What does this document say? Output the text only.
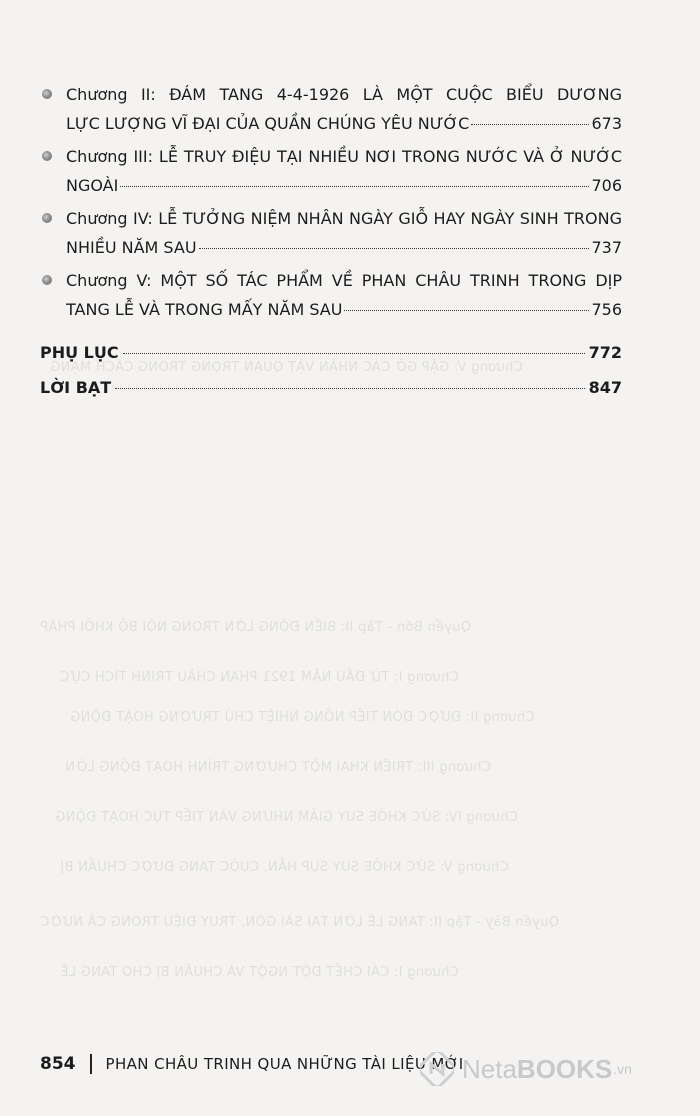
Chương V: GẶP GỠ CÁC NHÂN VẬT QUAN TRỌNG TRONG CÁCH MẠNG
Quyển Bốn - Tập II: BIẾN ĐỘNG LỚN TRONG NỘI BỘ KHỐI PHÁP
Chương I: TỪ ĐẦU NĂM 1921 PHAN CHÂU TRINH TÍCH CỰC
Chương II: ĐƯỢC ĐÓN TIẾP NỒNG NHIỆT CHỦ TRƯƠNG HOẠT ĐỘNG
Chương III: TRIỂN KHAI MỘT CHƯƠNG TRÌNH HOẠT ĐỘNG LỚN
Chương IV: SỨC KHỎE SUY GIẢM NHƯNG VẪN TIẾP TỤC HOẠT ĐỘNG
Chương V: SỨC KHỎE SUY SỤP HẲN, CUỘC TANG ĐƯỢC CHUẨN BỊ
Quyển Bảy - Tập II: TANG LỄ LỚN TẠI SÀI GÒN, TRUY ĐIỆU TRONG CẢ NƯỚC
Chương I: CÁI CHẾT ĐỘT NGỘT VÀ CHUẨN BỊ CHO TANG LỄ
Chương II: ĐÁM TANG 4-4-1926 LÀ MỘT CUỘC BIỂU DƯƠNG
LỰC LƯỢNG VĨ ĐẠI CỦA QUẦN CHÚNG YÊU NƯỚC	673
Chương III: LỄ TRUY ĐIỆU TẠI NHIỀU NƠI TRONG NƯỚC VÀ Ở NƯỚC
NGOÀI	706
Chương IV: LỄ TƯỞNG NIỆM NHÂN NGÀY GIỖ HAY NGÀY SINH TRONG
NHIỀU NĂM SAU	737
Chương V: MỘT SỐ TÁC PHẨM VỀ PHAN CHÂU TRINH TRONG DỊP
TANG LỄ VÀ TRONG MẤY NĂM SAU	756
PHỤ LỤC	772
LỜI BẠT	847
854 PHAN CHÂU TRINH QUA NHỮNG TÀI LIỆU MỚI
NetaBOOKS .vn
